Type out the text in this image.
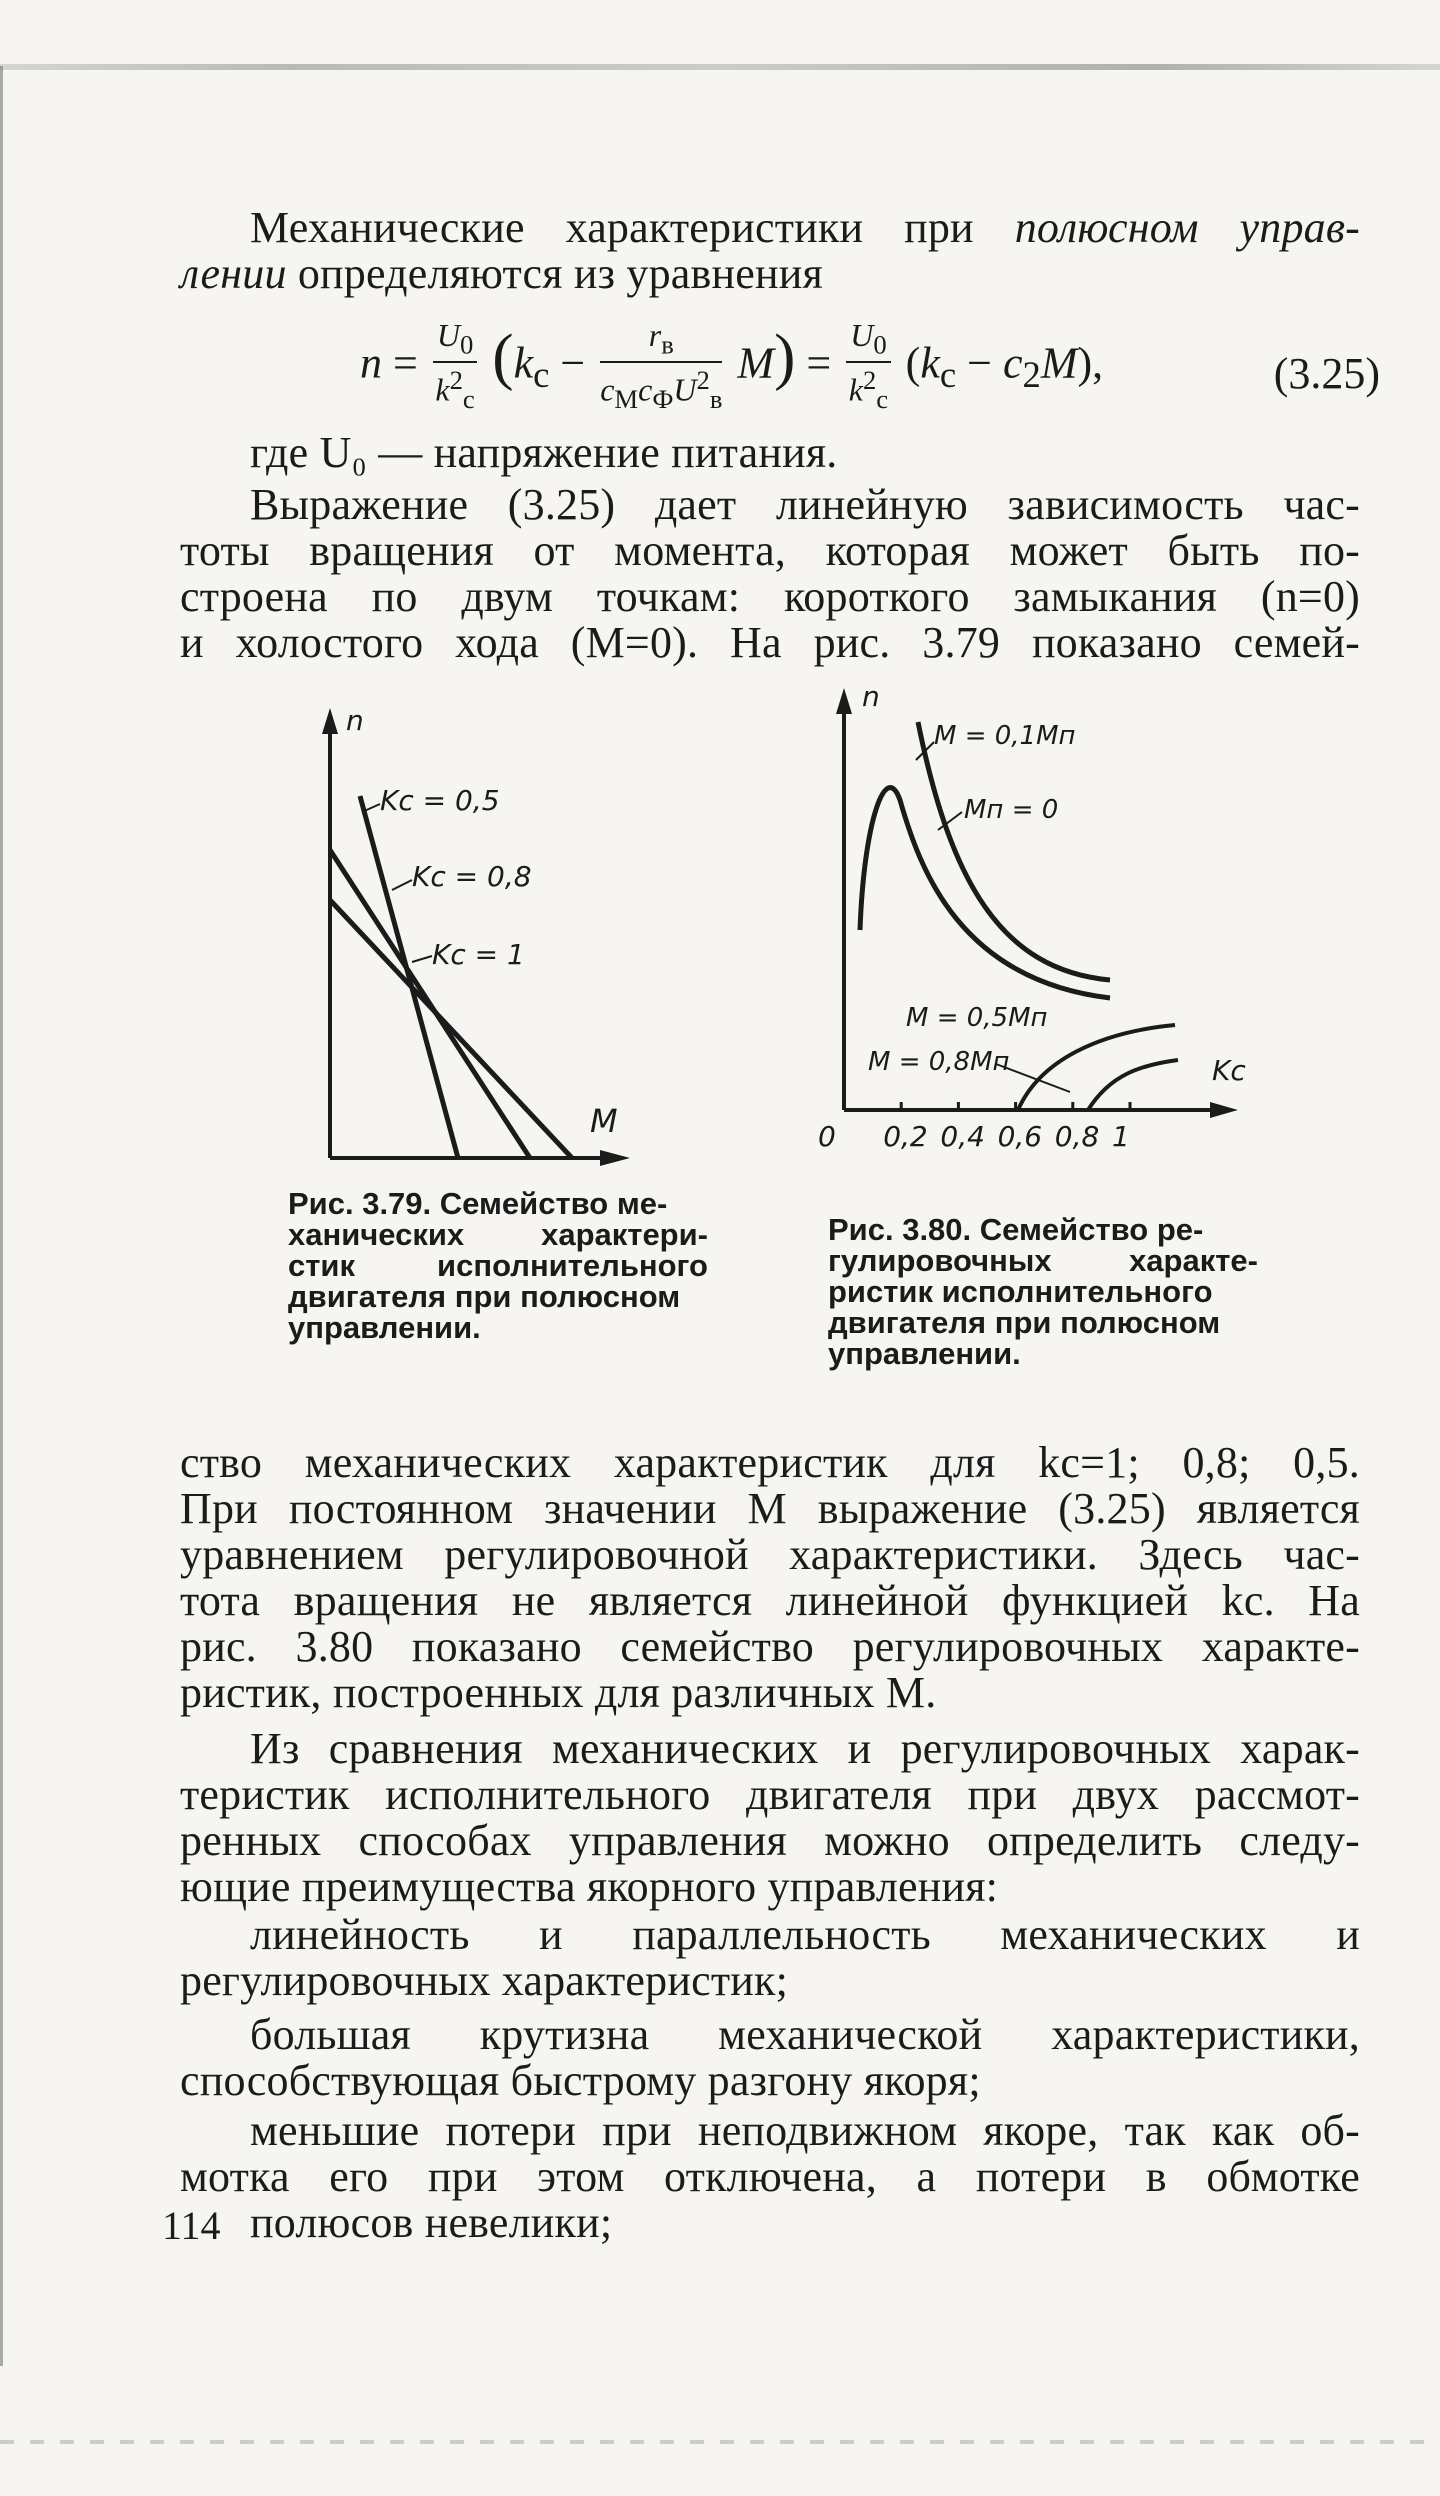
Механические характеристики при полюсном управ-

лении определяются из уравнения

$n = \frac{U_0}{k^2_с} (k_с - \frac{r_в}{c_Мc_ФU^2_в} M) = \frac{U_0}{k^2_с} (k_с - c_2M)$,	(3.25)

где U₀ — напряжение питания.

Выражение (3.25) дает линейную зависимость час-

тоты вращения от момента, которая может быть по-

строена по двум точкам: короткого замыкания (n=0)

и холостого хода (M=0). На рис. 3.79 показано семей-

n
M
Kc = 0,5
Kc = 0,8
Kc = 1
Рис. 3.79. Семейство ме-
ханических характери-
стик исполнительного
двигателя при полюсном
управлении.
n
Kc
0 0,2 0,4 0,6 0,8 1
M = 0,1Mп
Mп = 0
M = 0,5Mп
M = 0,8Mп
Рис. 3.80. Семейство ре-
гулировочных характе-
ристик исполнительного
двигателя при полюсном
управлении.

ство механических характеристик для kс=1; 0,8; 0,5.

При постоянном значении M выражение (3.25) является

уравнением регулировочной характеристики. Здесь час-

тота вращения не является линейной функцией kс. На

рис. 3.80 показано семейство регулировочных характе-

ристик, построенных для различных M.

Из сравнения механических и регулировочных харак-

теристик исполнительного двигателя при двух рассмот-

ренных способах управления можно определить следу-

ющие преимущества якорного управления:

линейность и параллельность механических и

регулировочных характеристик;

большая крутизна механической характеристики,

способствующая быстрому разгону якоря;

меньшие потери при неподвижном якоре, так как об-

мотка его при этом отключена, а потери в обмотке

114 полюсов невелики;
